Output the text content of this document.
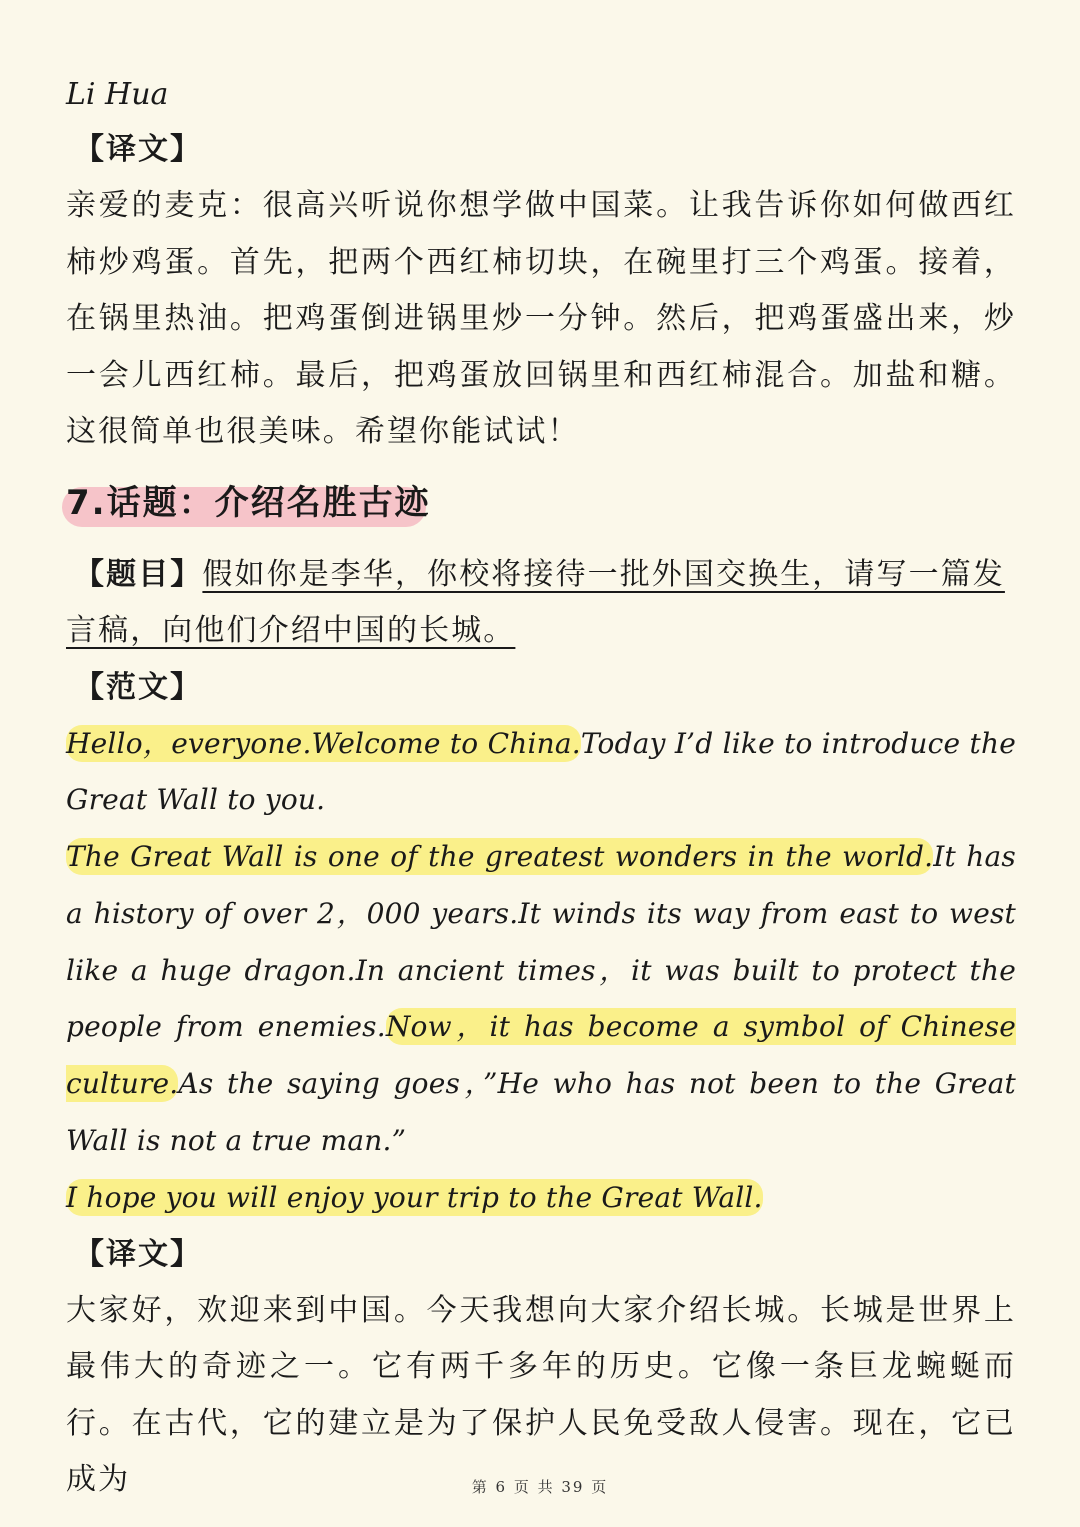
Li Hua

【译文】

亲爱的麦克：很高兴听说你想学做中国菜。让我告诉你如何做西红柿炒鸡蛋。首先，把两个西红柿切块，在碗里打三个鸡蛋。接着，在锅里热油。把鸡蛋倒进锅里炒一分钟。然后，把鸡蛋盛出来，炒一会儿西红柿。最后，把鸡蛋放回锅里和西红柿混合。加盐和糖。这很简单也很美味。希望你能试试！

7.话题：介绍名胜古迹

【题目】假如你是李华，你校将接待一批外国交换生，请写一篇发言稿，向他们介绍中国的长城。

【范文】

Hello，everyone.Welcome to China.Today I’d like to introduce the Great Wall to you.

The Great Wall is one of the greatest wonders in the world.It has a history of over 2，000 years.It winds its way from east to west like a huge dragon.In ancient times，it was built to protect the people from enemies.Now，it has become a symbol of Chinese culture.As the saying goes，”He who has not been to the Great Wall is not a true man.”

I hope you will enjoy your trip to the Great Wall.

【译文】

大家好，欢迎来到中国。今天我想向大家介绍长城。长城是世界上最伟大的奇迹之一。它有两千多年的历史。它像一条巨龙蜿蜒而行。在古代，它的建立是为了保护人民免受敌人侵害。现在，它已成为	第 6 页 共 39 页
